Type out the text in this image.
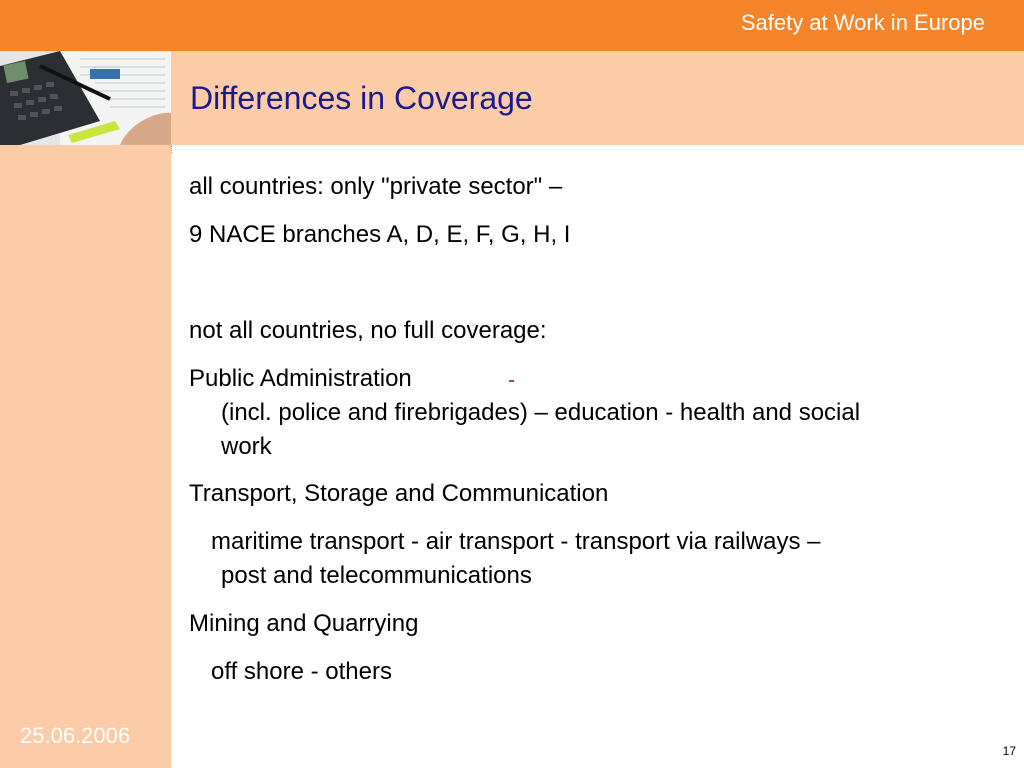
Safety at Work in Europe
Differences in Coverage
all countries: only "private sector" –
9 NACE branches A, D, E, F, G, H, I
not all countries, no full coverage:
Public Administration
(incl. police and firebrigades) – education - health and social
work
Transport, Storage and Communication
maritime transport - air transport - transport via railways –
post and telecommunications
Mining and Quarrying
off shore - others
25.06.2006
17
